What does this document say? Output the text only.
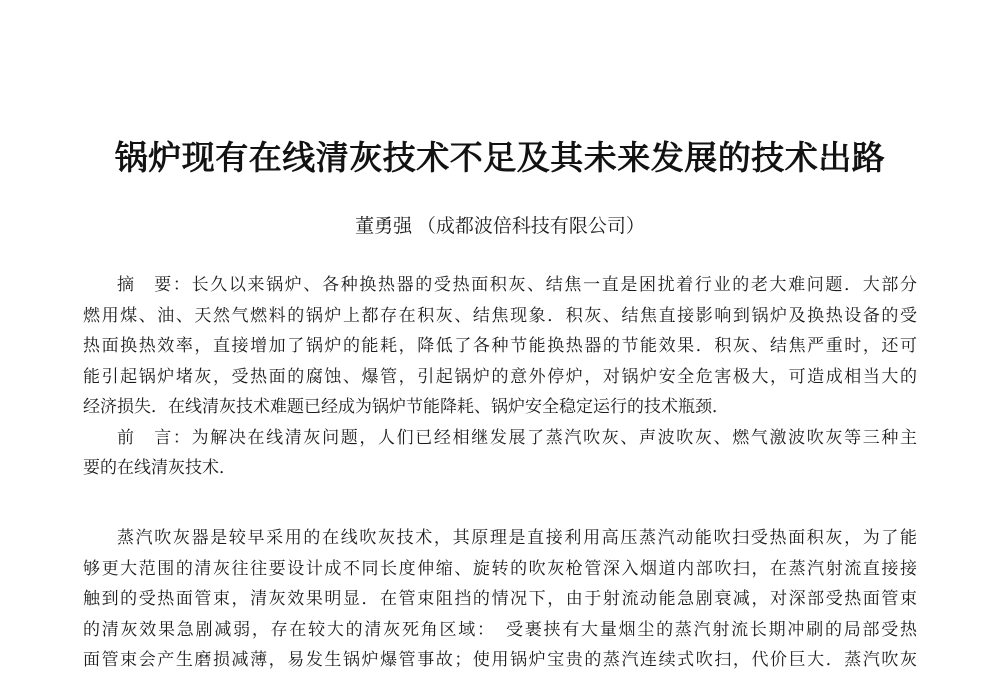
锅炉现有在线清灰技术不足及其未来发展的技术出路
董勇强 （成都波倍科技有限公司）

摘　要：长久以来锅炉、各种换热器的受热面积灰、结焦一直是困扰着行业的老大难问题．大部分

燃用煤、油、天然气燃料的锅炉上都存在积灰、结焦现象．积灰、结焦直接影响到锅炉及换热设备的受

热面换热效率，直接增加了锅炉的能耗，降低了各种节能换热器的节能效果．积灰、结焦严重时，还可

能引起锅炉堵灰，受热面的腐蚀、爆管，引起锅炉的意外停炉，对锅炉安全危害极大，可造成相当大的

经济损失．在线清灰技术难题已经成为锅炉节能降耗、锅炉安全稳定运行的技术瓶颈．

前　言：为解决在线清灰问题，人们已经相继发展了蒸汽吹灰、声波吹灰、燃气激波吹灰等三种主

要的在线清灰技术．

蒸汽吹灰器是较早采用的在线吹灰技术，其原理是直接利用高压蒸汽动能吹扫受热面积灰，为了能

够更大范围的清灰往往要设计成不同长度伸缩、旋转的吹灰枪管深入烟道内部吹扫，在蒸汽射流直接接

触到的受热面管束，清灰效果明显．在管束阻挡的情况下，由于射流动能急剧衰减，对深部受热面管束

的清灰效果急剧减弱，存在较大的清灰死角区域：　受裹挟有大量烟尘的蒸汽射流长期冲刷的局部受热

面管束会产生磨损减薄，易发生锅炉爆管事故；使用锅炉宝贵的蒸汽连续式吹扫，代价巨大．蒸汽吹灰
